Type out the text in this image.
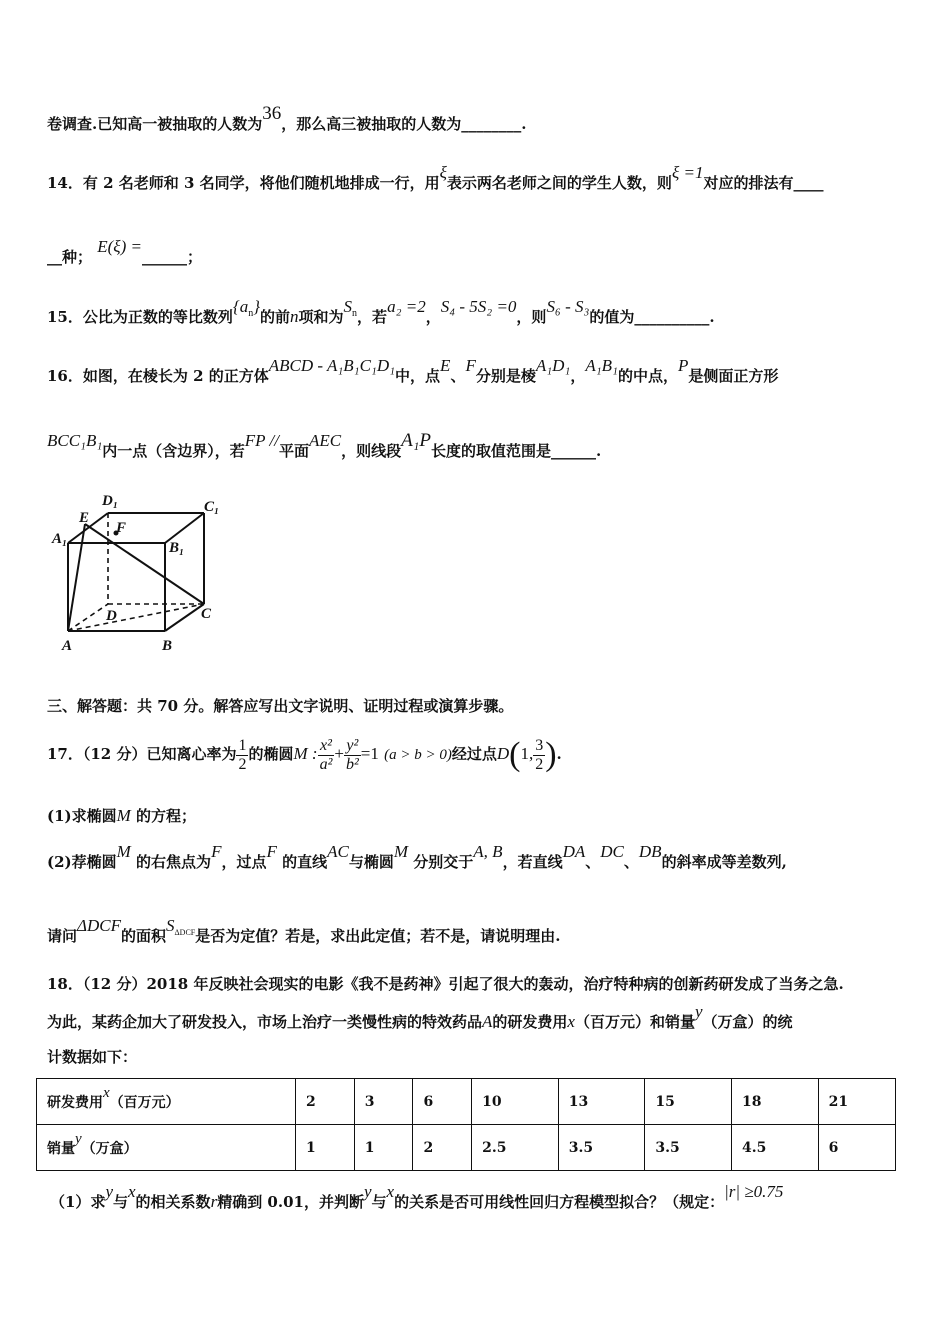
卷调查.已知高一被抽取的人数为36，那么高三被抽取的人数为________.
14．有 2 名老师和 3 名同学，将他们随机地排成一行，用ξ表示两名老师之间的学生人数，则ξ =1对应的排法有____
__种； E(ξ) =______；
15．公比为正数的等比数列$\{a_n\}$的前n项和为$S_n$，若a₂ =2，S₄ - 5S₂ =0，则S₆ - S₃的值为__________.
16．如图，在棱长为 2 的正方体ABCD - A₁B₁C₁D₁中，点E、F分别是棱A₁D₁，A₁B₁的中点，P是侧面正方形
BCC₁B₁内一点（含边界），若FP //平面AEC，则线段A₁P长度的取值范围是______.
D₁	C₁
A₁
B₁
E
F
D	C
A	B
三、解答题：共 70 分。解答应写出文字说明、证明过程或演算步骤。
17．（12 分）已知离心率为 $\frac{1}{2}$ 的椭圆M : $\frac{\text{x²}}{\text{a²}} + \frac{\text{y²}}{\text{b²}} =1$ (a > b > 0)经过点D(1, $\frac{3}{2}$ ).
(1)求椭圆M 的方程；
(2)荐椭圆M 的右焦点为F，过点F 的直线AC与椭圆M 分别交于A, B，若直线DA、DC、DB的斜率成等差数列,
请问ΔDCF的面积$S_{\Delta DCF}$是否为定值？若是，求出此定值；若不是，请说明理由.
18．（12 分）2018 年反映社会现实的电影《我不是药神》引起了很大的轰动，治疗特种病的创新药研发成了当务之急.
为此，某药企加大了研发投入，市场上治疗一类慢性病的特效药品A的研发费用x（百万元）和销量y（万盒）的统
计数据如下：
研发费用x（百万元）	2	3	6	10	13	15	18	21
销量y（万盒）	1	1	2	2.5	3.5	3.5	4.5	6
（1）求y与x的相关系数r精确到 0.01，并判断y与x的关系是否可用线性回归方程模型拟合？（规定：|r| ≥0.75
